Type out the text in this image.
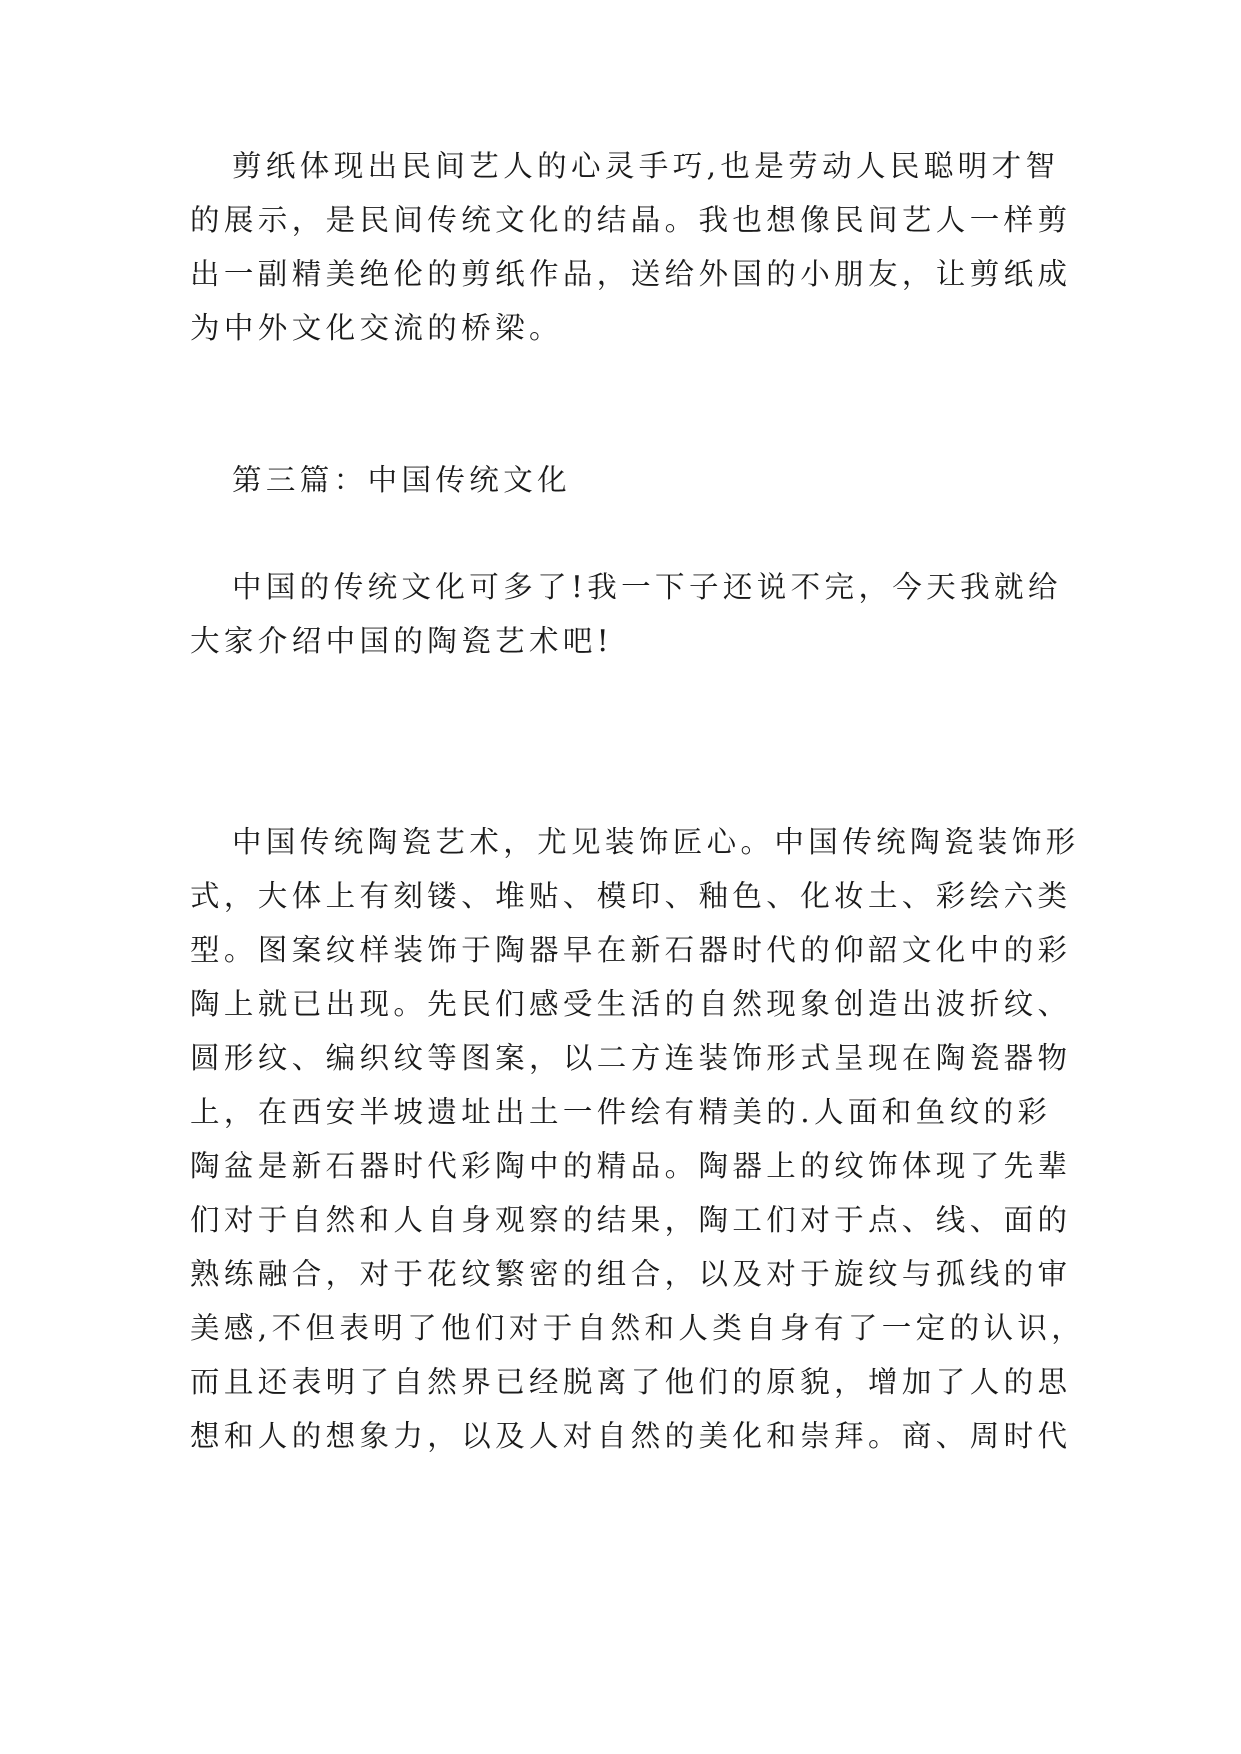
剪纸体现出民间艺人的心灵手巧,也是劳动人民聪明才智
的展示，是民间传统文化的结晶。我也想像民间艺人一样剪
出一副精美绝伦的剪纸作品，送给外国的小朋友，让剪纸成
为中外文化交流的桥梁。
第三篇：中国传统文化
中国的传统文化可多了!我一下子还说不完，今天我就给
大家介绍中国的陶瓷艺术吧!
中国传统陶瓷艺术，尤见装饰匠心。中国传统陶瓷装饰形
式，大体上有刻镂、堆贴、模印、釉色、化妆土、彩绘六类
型。图案纹样装饰于陶器早在新石器时代的仰韶文化中的彩
陶上就已出现。先民们感受生活的自然现象创造出波折纹、
圆形纹、编织纹等图案，以二方连装饰形式呈现在陶瓷器物
上，在西安半坡遗址出土一件绘有精美的.人面和鱼纹的彩
陶盆是新石器时代彩陶中的精品。陶器上的纹饰体现了先辈
们对于自然和人自身观察的结果，陶工们对于点、线、面的
熟练融合，对于花纹繁密的组合，以及对于旋纹与孤线的审
美感,不但表明了他们对于自然和人类自身有了一定的认识，
而且还表明了自然界已经脱离了他们的原貌，增加了人的思
想和人的想象力，以及人对自然的美化和崇拜。商、周时代
